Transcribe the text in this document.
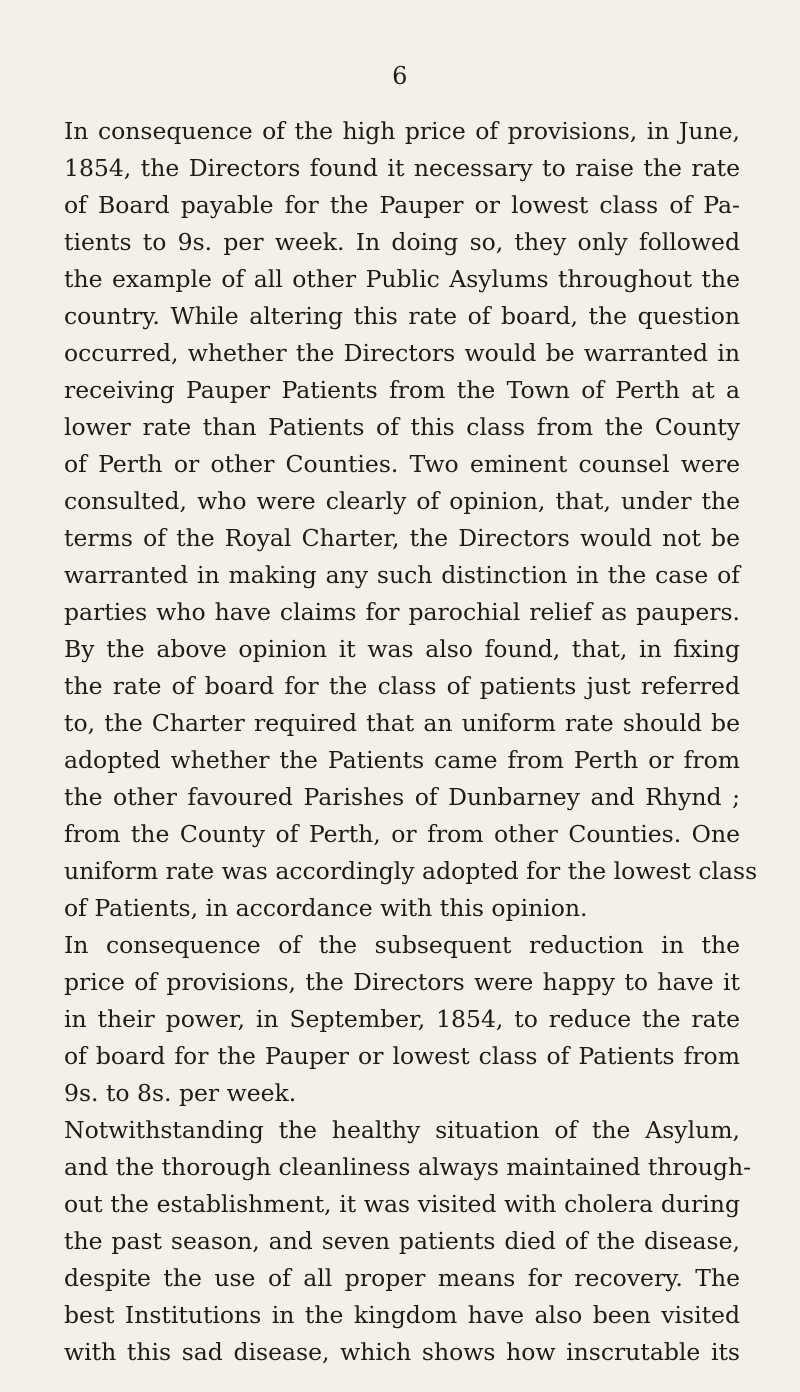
6
In consequence of the high price of provisions, in June,
1854, the Directors found it necessary to raise the rate
of Board payable for the Pauper or lowest class of Pa-
tients to 9s. per week. In doing so, they only followed
the example of all other Public Asylums throughout the
country. While altering this rate of board, the question
occurred, whether the Directors would be warranted in
receiving Pauper Patients from the Town of Perth at a
lower rate than Patients of this class from the County
of Perth or other Counties. Two eminent counsel were
consulted, who were clearly of opinion, that, under the
terms of the Royal Charter, the Directors would not be
warranted in making any such distinction in the case of
parties who have claims for parochial relief as paupers.
By the above opinion it was also found, that, in fixing
the rate of board for the class of patients just referred
to, the Charter required that an uniform rate should be
adopted whether the Patients came from Perth or from
the other favoured Parishes of Dunbarney and Rhynd ;
from the County of Perth, or from other Counties. One
uniform rate was accordingly adopted for the lowest class
of Patients, in accordance with this opinion.
In consequence of the subsequent reduction in the
price of provisions, the Directors were happy to have it
in their power, in September, 1854, to reduce the rate
of board for the Pauper or lowest class of Patients from
9s. to 8s. per week.
Notwithstanding the healthy situation of the Asylum,
and the thorough cleanliness always maintained through-
out the establishment, it was visited with cholera during
the past season, and seven patients died of the disease,
despite the use of all proper means for recovery. The
best Institutions in the kingdom have also been visited
with this sad disease, which shows how inscrutable its
